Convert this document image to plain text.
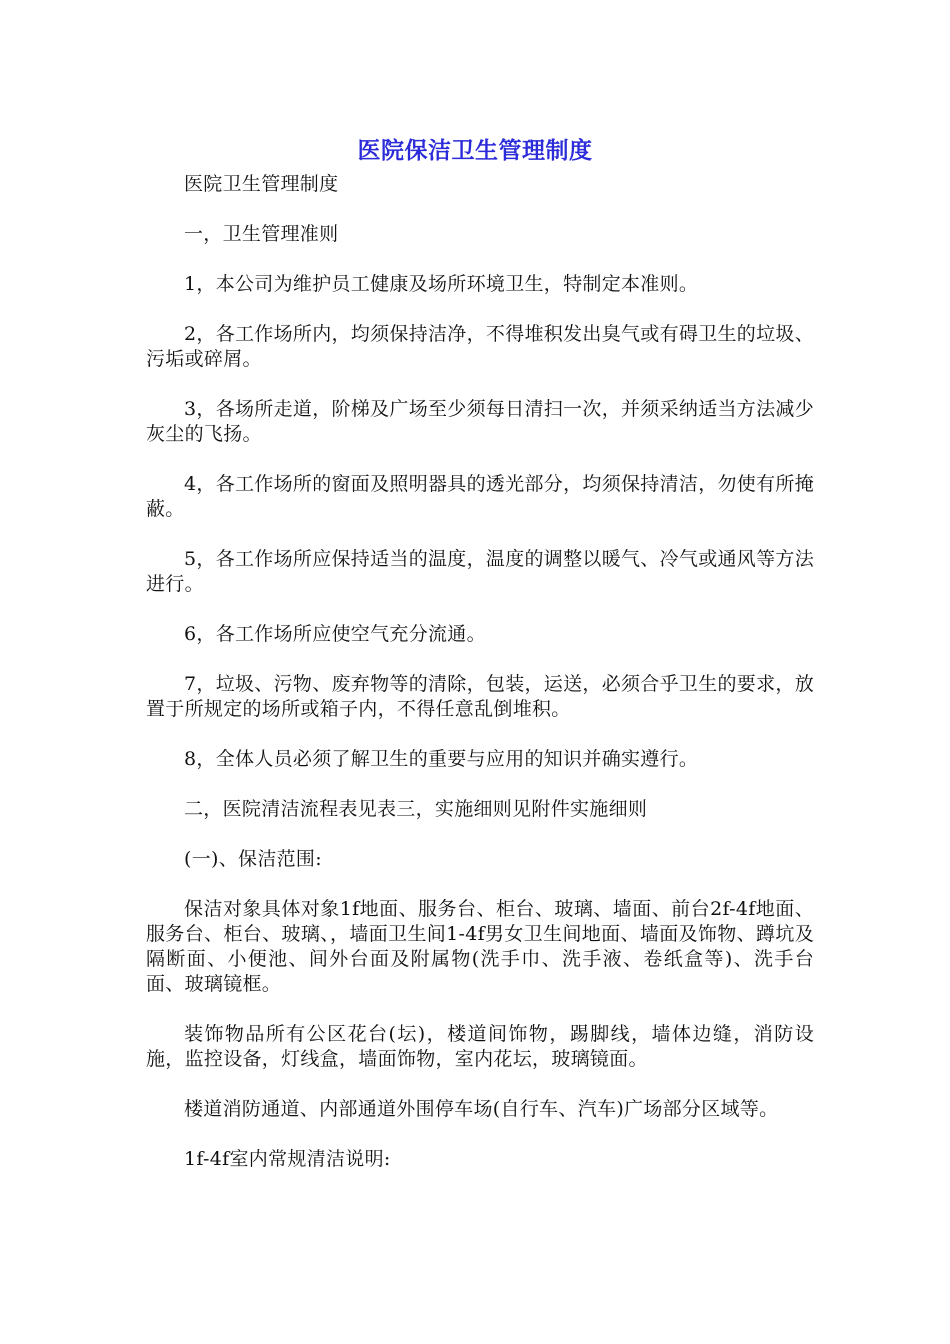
医院保洁卫生管理制度

医院卫生管理制度

一，卫生管理准则

1，本公司为维护员工健康及场所环境卫生，特制定本准则。

2，各工作场所内，均须保持洁净，不得堆积发出臭气或有碍卫生的垃圾、污垢或碎屑。

3，各场所走道，阶梯及广场至少须每日清扫一次，并须采纳适当方法减少灰尘的飞扬。

4，各工作场所的窗面及照明器具的透光部分，均须保持清洁，勿使有所掩蔽。

5，各工作场所应保持适当的温度，温度的调整以暖气、冷气或通风等方法进行。

6，各工作场所应使空气充分流通。

7，垃圾、污物、废弃物等的清除，包装，运送，必须合乎卫生的要求，放置于所规定的场所或箱子内，不得任意乱倒堆积。

8，全体人员必须了解卫生的重要与应用的知识并确实遵行。

二，医院清洁流程表见表三，实施细则见附件实施细则

(一)、保洁范围:

保洁对象具体对象1f地面、服务台、柜台、玻璃、墙面、前台2f-4f地面、服务台、柜台、玻璃、，墙面卫生间1-4f男女卫生间地面、墙面及饰物、蹲坑及隔断面、小便池、间外台面及附属物(洗手巾、洗手液、卷纸盒等)、洗手台面、玻璃镜框。

装饰物品所有公区花台(坛)，楼道间饰物，踢脚线，墙体边缝，消防设施，监控设备，灯线盒，墙面饰物，室内花坛，玻璃镜面。

楼道消防通道、内部通道外围停车场(自行车、汽车)广场部分区域等。

1f-4f室内常规清洁说明:
